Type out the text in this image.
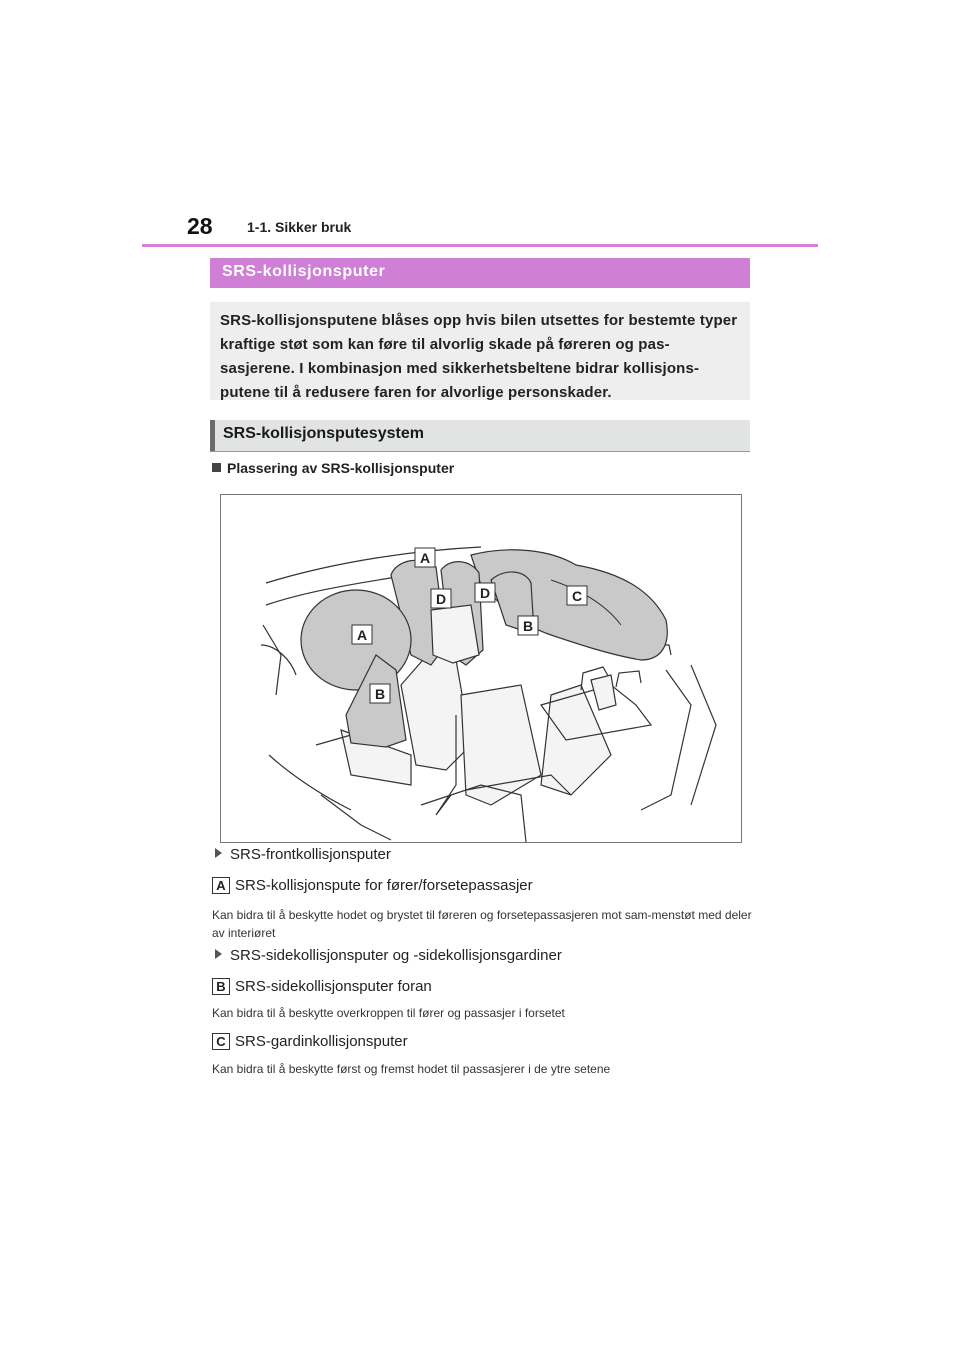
28 1-1. Sikker bruk
SRS-kollisjonsputer

SRS-kollisjonsputene blåses opp hvis bilen utsettes for bestemte typer kraftige støt som kan føre til alvorlig skade på føreren og pas-sasjerene. I kombinasjon med sikkerhetsbeltene bidrar kollisjons-putene til å redusere faren for alvorlige personskader.

SRS-kollisjonsputesystem
Plassering av SRS-kollisjonsputer
A
D D	C
A
B
B
SRS-frontkollisjonsputer
A SRS-kollisjonspute for fører/forsetepassasjer
Kan bidra til å beskytte hodet og brystet til føreren og forsetepassasjeren mot sam-menstøt med deler av interiøret
SRS-sidekollisjonsputer og -sidekollisjonsgardiner
B SRS-sidekollisjonsputer foran
Kan bidra til å beskytte overkroppen til fører og passasjer i forsetet
C SRS-gardinkollisjonsputer
Kan bidra til å beskytte først og fremst hodet til passasjerer i de ytre setene
